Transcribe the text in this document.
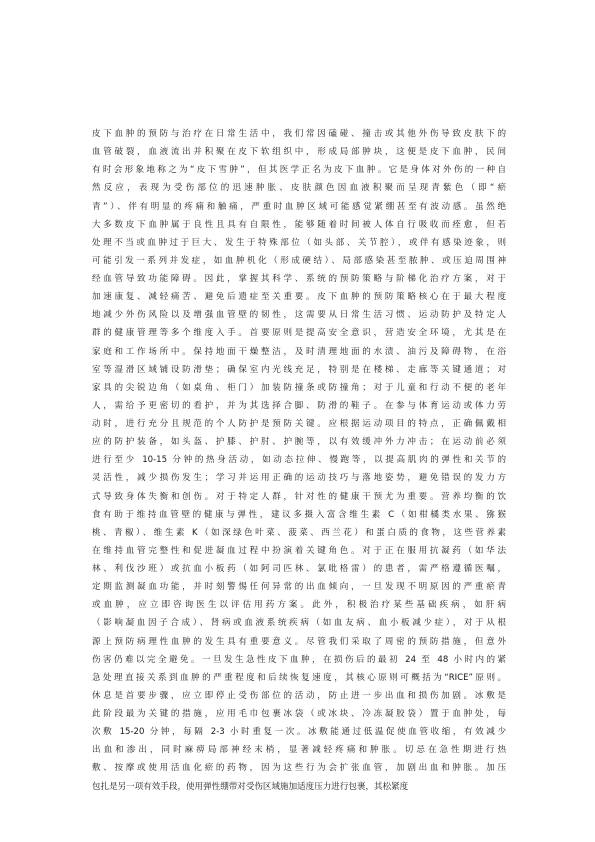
皮下血肿的预防与治疗在日常生活中，我们常因磕碰、撞击或其他外伤导致皮肤下的
血管破裂，血液流出并积聚在皮下软组织中，形成局部肿块，这便是皮下血肿，民间
有时会形象地称之为“皮下雪肿”，但其医学正名为皮下血肿。它是身体对外伤的一种自
然反应，表现为受伤部位的迅速肿胀、皮肤颜色因血液积聚而呈现青紫色（即“瘀
青”）、伴有明显的疼痛和触痛，严重时血肿区域可能感觉紧绷甚至有波动感。虽然绝
大多数皮下血肿属于良性且具有自限性，能够随着时间被人体自行吸收而痊愈，但若
处理不当或血肿过于巨大、发生于特殊部位（如头部、关节腔），或伴有感染迹象，则
可能引发一系列并发症，如血肿机化（形成硬结）、局部感染甚至脓肿、或压迫周围神
经血管导致功能障碍。因此，掌握其科学、系统的预防策略与阶梯化治疗方案，对于
加速康复、减轻痛苦、避免后遗症至关重要。皮下血肿的预防策略核心在于最大程度
地减少外伤风险以及增强血管壁的韧性，这需要从日常生活习惯、运动防护及特定人
群的健康管理等多个维度入手。首要原则是提高安全意识，营造安全环境，尤其是在
家庭和工作场所中。保持地面干燥整洁，及时清理地面的水渍、油污及障碍物，在浴
室等湿滑区域铺设防滑垫；确保室内光线充足，特别是在楼梯、走廊等关键通道；对
家具的尖锐边角（如桌角、柜门）加装防撞条或防撞角；对于儿童和行动不便的老年
人，需给予更密切的看护，并为其选择合脚、防滑的鞋子。在参与体育运动或体力劳
动时，进行充分且规范的个人防护是预防关键。应根据运动项目的特点，正确佩戴相
应的防护装备，如头盔、护膝、护肘、护腕等，以有效缓冲外力冲击；在运动前必须
进行至少 10-15 分钟的热身活动，如动态拉伸、慢跑等，以提高肌肉的弹性和关节的
灵活性，减少损伤发生；学习并运用正确的运动技巧与落地姿势，避免错误的发力方
式导致身体失衡和创伤。对于特定人群，针对性的健康干预尤为重要。营养均衡的饮
食有助于维持血管壁的健康与弹性，建议多摄入富含维生素 C（如柑橘类水果、猕猴
桃、青椒）、维生素 K（如深绿色叶菜、菠菜、西兰花）和蛋白质的食物，这些营养素
在维持血管完整性和促进凝血过程中扮演着关键角色。对于正在服用抗凝药（如华法
林、利伐沙班）或抗血小板药（如阿司匹林、氯吡格雷）的患者，需严格遵循医嘱，
定期监测凝血功能，并时刻警惕任何异常的出血倾向，一旦发现不明原因的严重瘀青
或血肿，应立即咨询医生以评估用药方案。此外，积极治疗某些基础疾病，如肝病
（影响凝血因子合成）、肾病或血液系统疾病（如血友病、血小板减少症），对于从根
源上预防病理性血肿的发生具有重要意义。尽管我们采取了周密的预防措施，但意外
伤害仍难以完全避免。一旦发生急性皮下血肿，在损伤后的最初 24 至 48 小时内的紧
急处理直接关系到血肿的严重程度和后续恢复速度，其核心原则可概括为“RICE”原则。
休息是首要步骤，应立即停止受伤部位的活动，防止进一步出血和损伤加剧。冰敷是
此阶段最为关键的措施，应用毛巾包裹冰袋（或冰块、冷冻凝胶袋）置于血肿处，每
次敷 15-20 分钟，每隔 2-3 小时重复一次。冰敷能通过低温促使血管收缩，有效减少
出血和渗出，同时麻痹局部神经末梢，显著减轻疼痛和肿胀。切忌在急性期进行热
敷、按摩或使用活血化瘀的药物，因为这些行为会扩张血管，加剧出血和肿胀。加压
包扎是另一项有效手段，使用弹性绷带对受伤区域施加适度压力进行包裹，其松紧度
